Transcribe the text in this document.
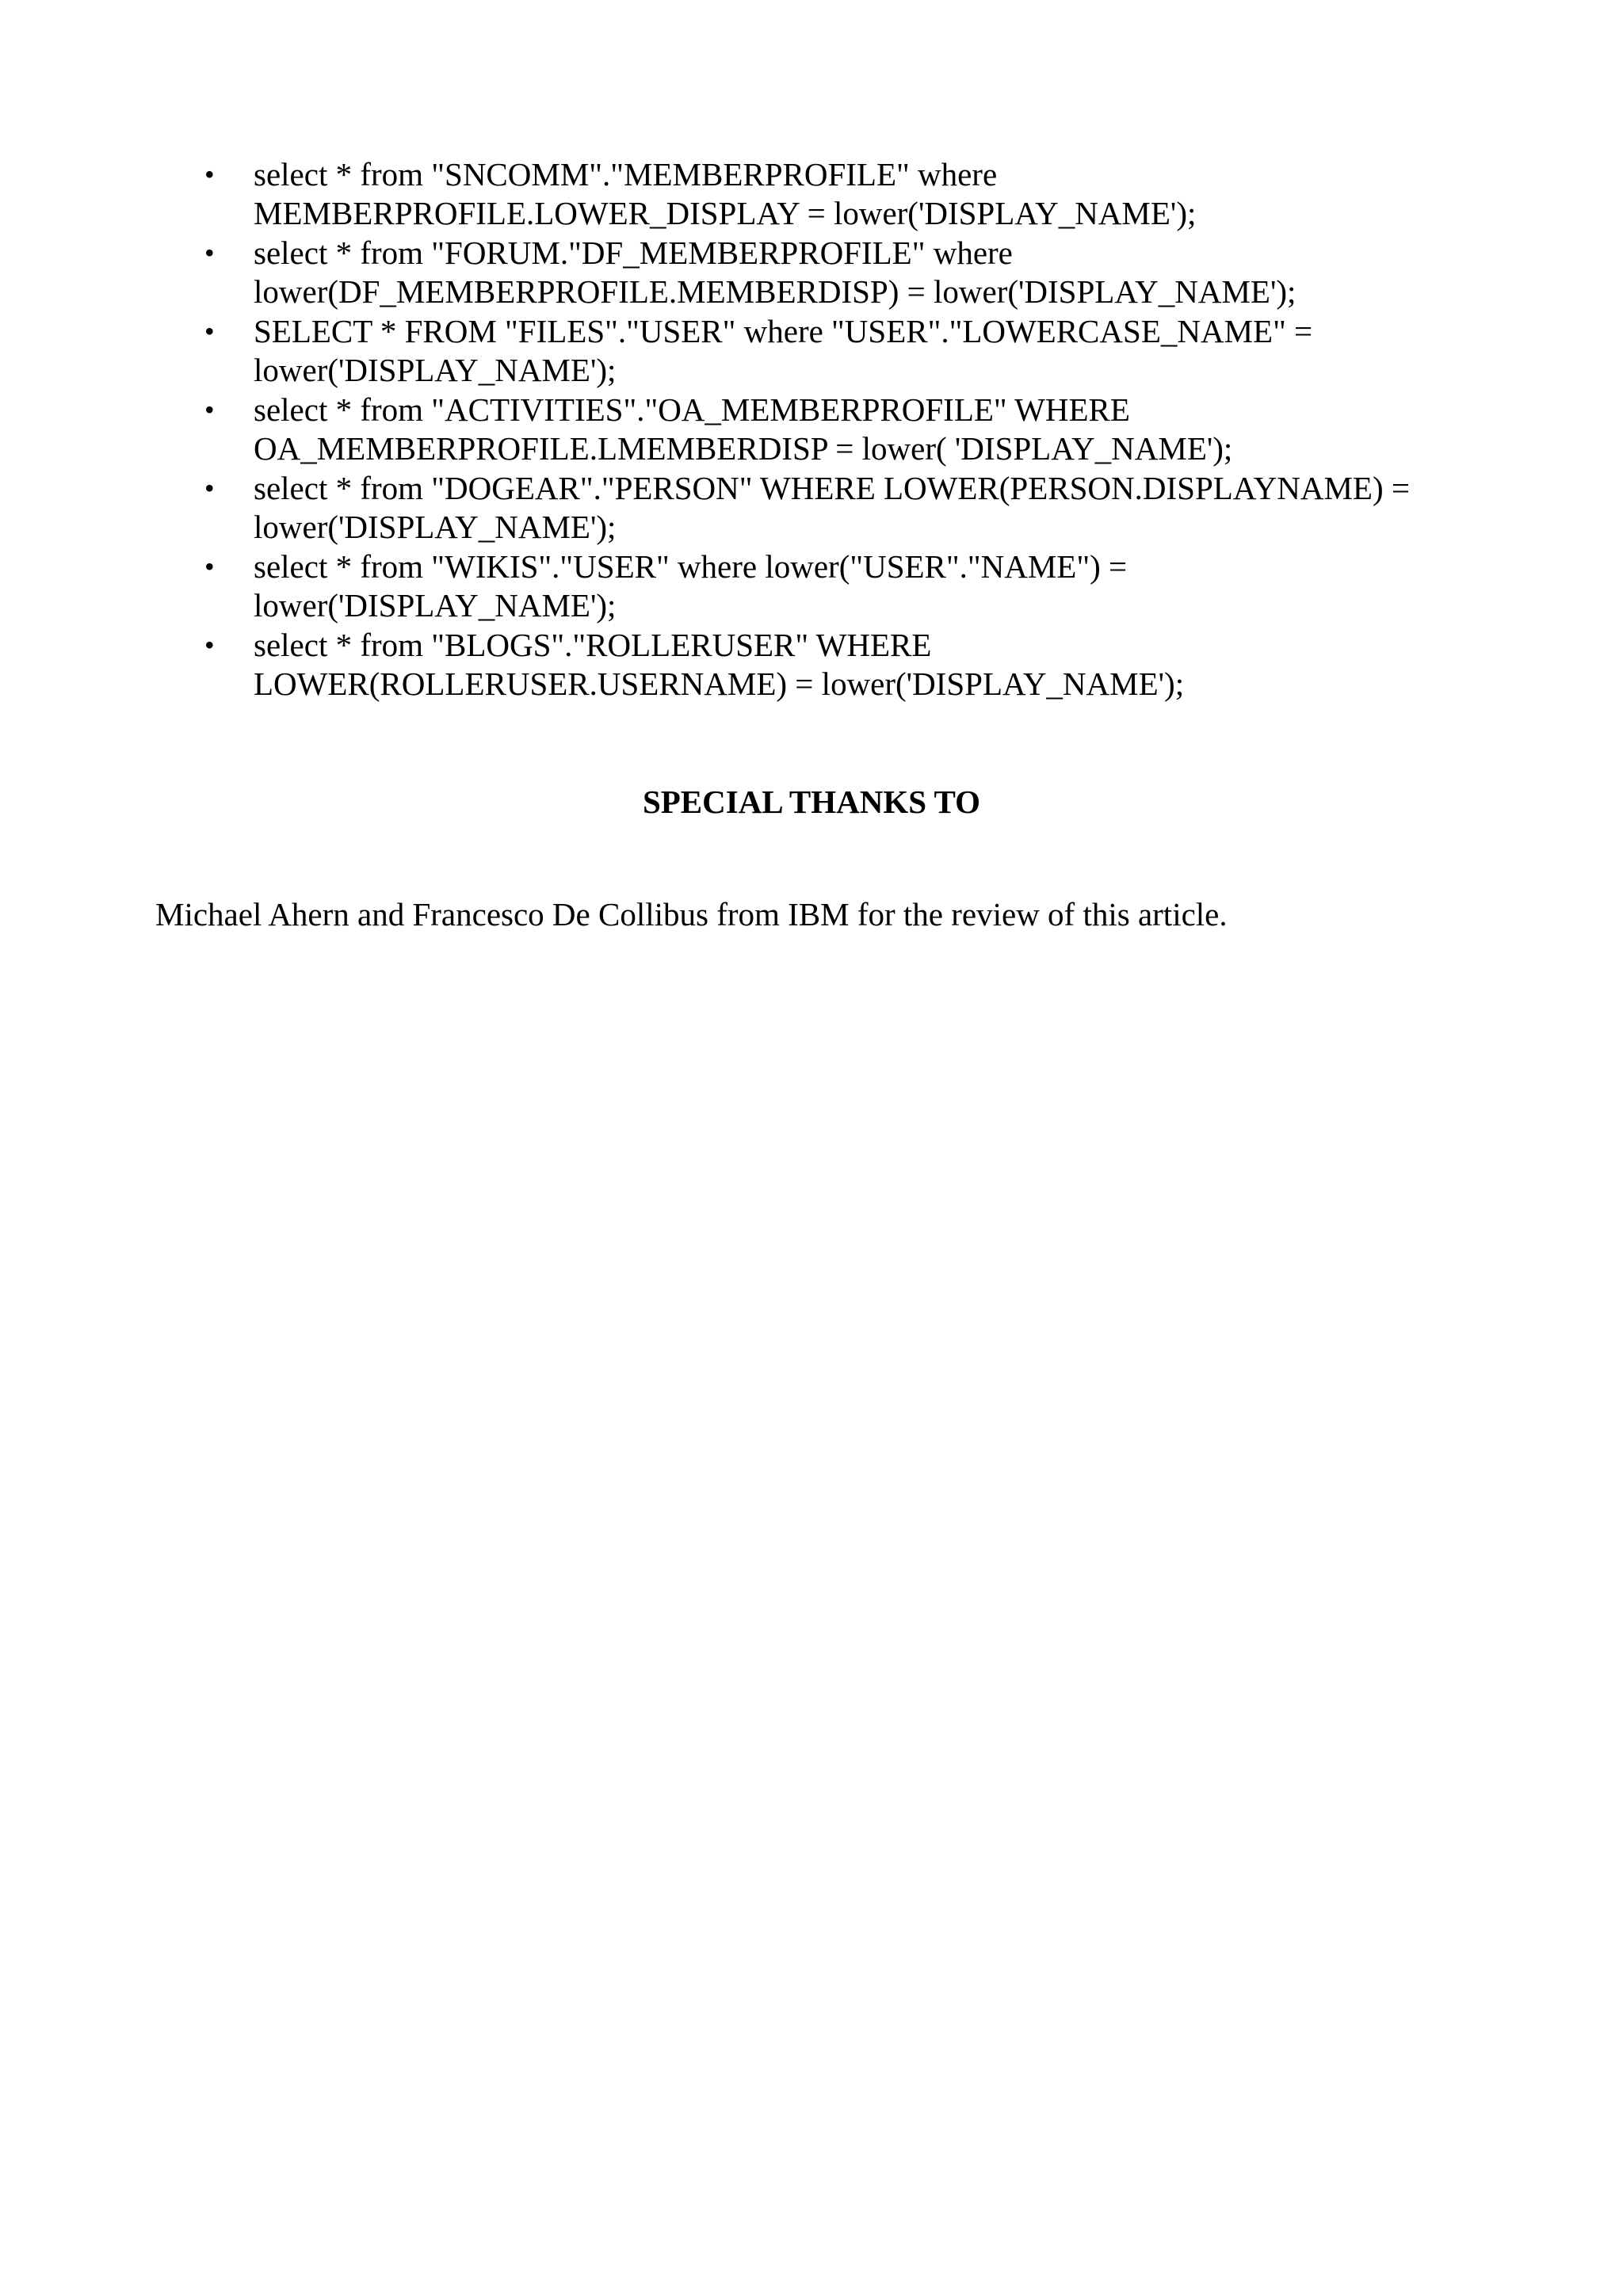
• select * from "SNCOMM"."MEMBERPROFILE" where
MEMBERPROFILE.LOWER_DISPLAY = lower('DISPLAY_NAME');
• select * from "FORUM."DF_MEMBERPROFILE" where
lower(DF_MEMBERPROFILE.MEMBERDISP) = lower('DISPLAY_NAME');
• SELECT * FROM "FILES"."USER" where "USER"."LOWERCASE_NAME" =
lower('DISPLAY_NAME');
• select * from "ACTIVITIES"."OA_MEMBERPROFILE" WHERE
OA_MEMBERPROFILE.LMEMBERDISP = lower( 'DISPLAY_NAME');
• select * from "DOGEAR"."PERSON" WHERE LOWER(PERSON.DISPLAYNAME) =
lower('DISPLAY_NAME');
• select * from "WIKIS"."USER" where lower("USER"."NAME") =
lower('DISPLAY_NAME');
• select * from "BLOGS"."ROLLERUSER" WHERE
LOWER(ROLLERUSER.USERNAME) = lower('DISPLAY_NAME');
SPECIAL THANKS TO

Michael Ahern and Francesco De Collibus from IBM for the review of this article.
